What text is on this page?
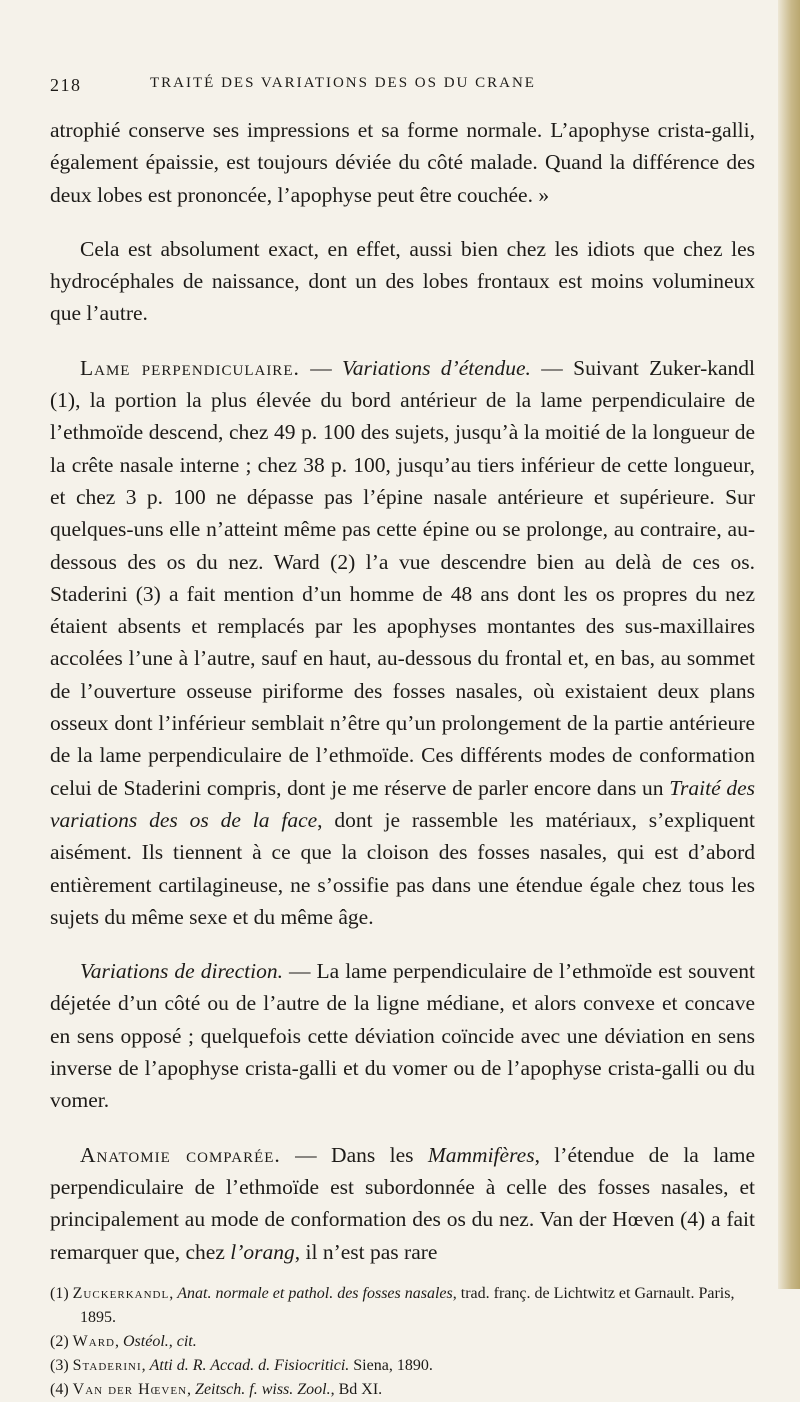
218	TRAITÉ DES VARIATIONS DES OS DU CRANE

atrophié conserve ses impressions et sa forme normale. L’apophyse crista-galli, également épaissie, est toujours déviée du côté malade. Quand la différence des deux lobes est prononcée, l’apophyse peut être couchée. »

Cela est absolument exact, en effet, aussi bien chez les idiots que chez les hydrocéphales de naissance, dont un des lobes frontaux est moins volumineux que l’autre.

Lame perpendiculaire. — Variations d’étendue. — Suivant Zuker-kandl (1), la portion la plus élevée du bord antérieur de la lame perpendiculaire de l’ethmoïde descend, chez 49 p. 100 des sujets, jusqu’à la moitié de la longueur de la crête nasale interne ; chez 38 p. 100, jusqu’au tiers inférieur de cette longueur, et chez 3 p. 100 ne dépasse pas l’épine nasale antérieure et supérieure. Sur quelques-uns elle n’atteint même pas cette épine ou se prolonge, au contraire, au-dessous des os du nez. Ward (2) l’a vue descendre bien au delà de ces os. Staderini (3) a fait mention d’un homme de 48 ans dont les os propres du nez étaient absents et remplacés par les apophyses montantes des sus-maxillaires accolées l’une à l’autre, sauf en haut, au-dessous du frontal et, en bas, au sommet de l’ouverture osseuse piriforme des fosses nasales, où existaient deux plans osseux dont l’inférieur semblait n’être qu’un prolongement de la partie antérieure de la lame perpendiculaire de l’ethmoïde. Ces différents modes de conformation celui de Staderini compris, dont je me réserve de parler encore dans un Traité des variations des os de la face, dont je rassemble les matériaux, s’expliquent aisément. Ils tiennent à ce que la cloison des fosses nasales, qui est d’abord entièrement cartilagineuse, ne s’ossifie pas dans une étendue égale chez tous les sujets du même sexe et du même âge.

Variations de direction. — La lame perpendiculaire de l’ethmoïde est souvent déjetée d’un côté ou de l’autre de la ligne médiane, et alors convexe et concave en sens opposé ; quelquefois cette déviation coïncide avec une déviation en sens inverse de l’apophyse crista-galli et du vomer ou de l’apophyse crista-galli ou du vomer.

Anatomie comparée. — Dans les Mammifères, l’étendue de la lame perpendiculaire de l’ethmoïde est subordonnée à celle des fosses nasales, et principalement au mode de conformation des os du nez. Van der Hœven (4) a fait remarquer que, chez l’orang, il n’est pas rare

(1) Zuckerkandl, Anat. normale et pathol. des fosses nasales, trad. franç. de Lichtwitz et Garnault. Paris, 1895.

(2) Ward, Ostéol., cit.

(3) Staderini, Atti d. R. Accad. d. Fisiocritici. Siena, 1890.

(4) Van der Hœven, Zeitsch. f. wiss. Zool., Bd XI.
